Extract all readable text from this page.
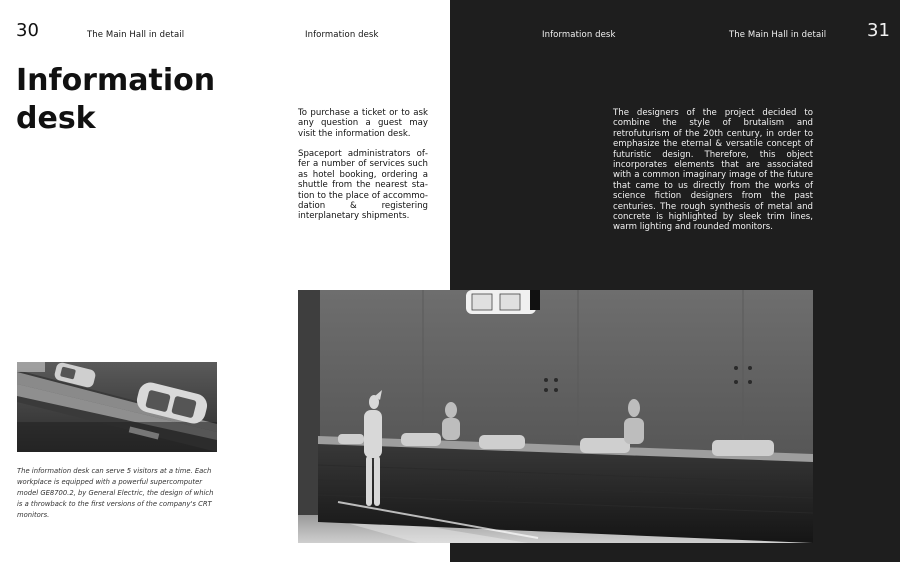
30	The Main Hall in detail	Information desk
Information
desk	To purchase a ticket or to ask any question a guest may visit the information desk.

Spaceport administrators offer a number of services such as hotel booking, ordering a shuttle from the nearest station to the place of accommodation & registering interplanetary shipments.

The information desk can serve 5 visitors at a time. Each workplace is equipped with a powerful supercomputer model GE8700.2, by General Electric, the design of which is a throwback to the first versions of the company's CRT monitors.

Information desk	The Main Hall in detail 31

The designers of the project decided to combine the style of brutalism and retrofuturism of the 20th century, in order to emphasize the eternal & versatile concept of futuristic design. Therefore, this object incorporates elements that are associated with a common imaginary image of the future that came to us directly from the works of science fiction designers from the past centuries. The rough synthesis of metal and concrete is highlighted by sleek trim lines, warm lighting and rounded monitors.
